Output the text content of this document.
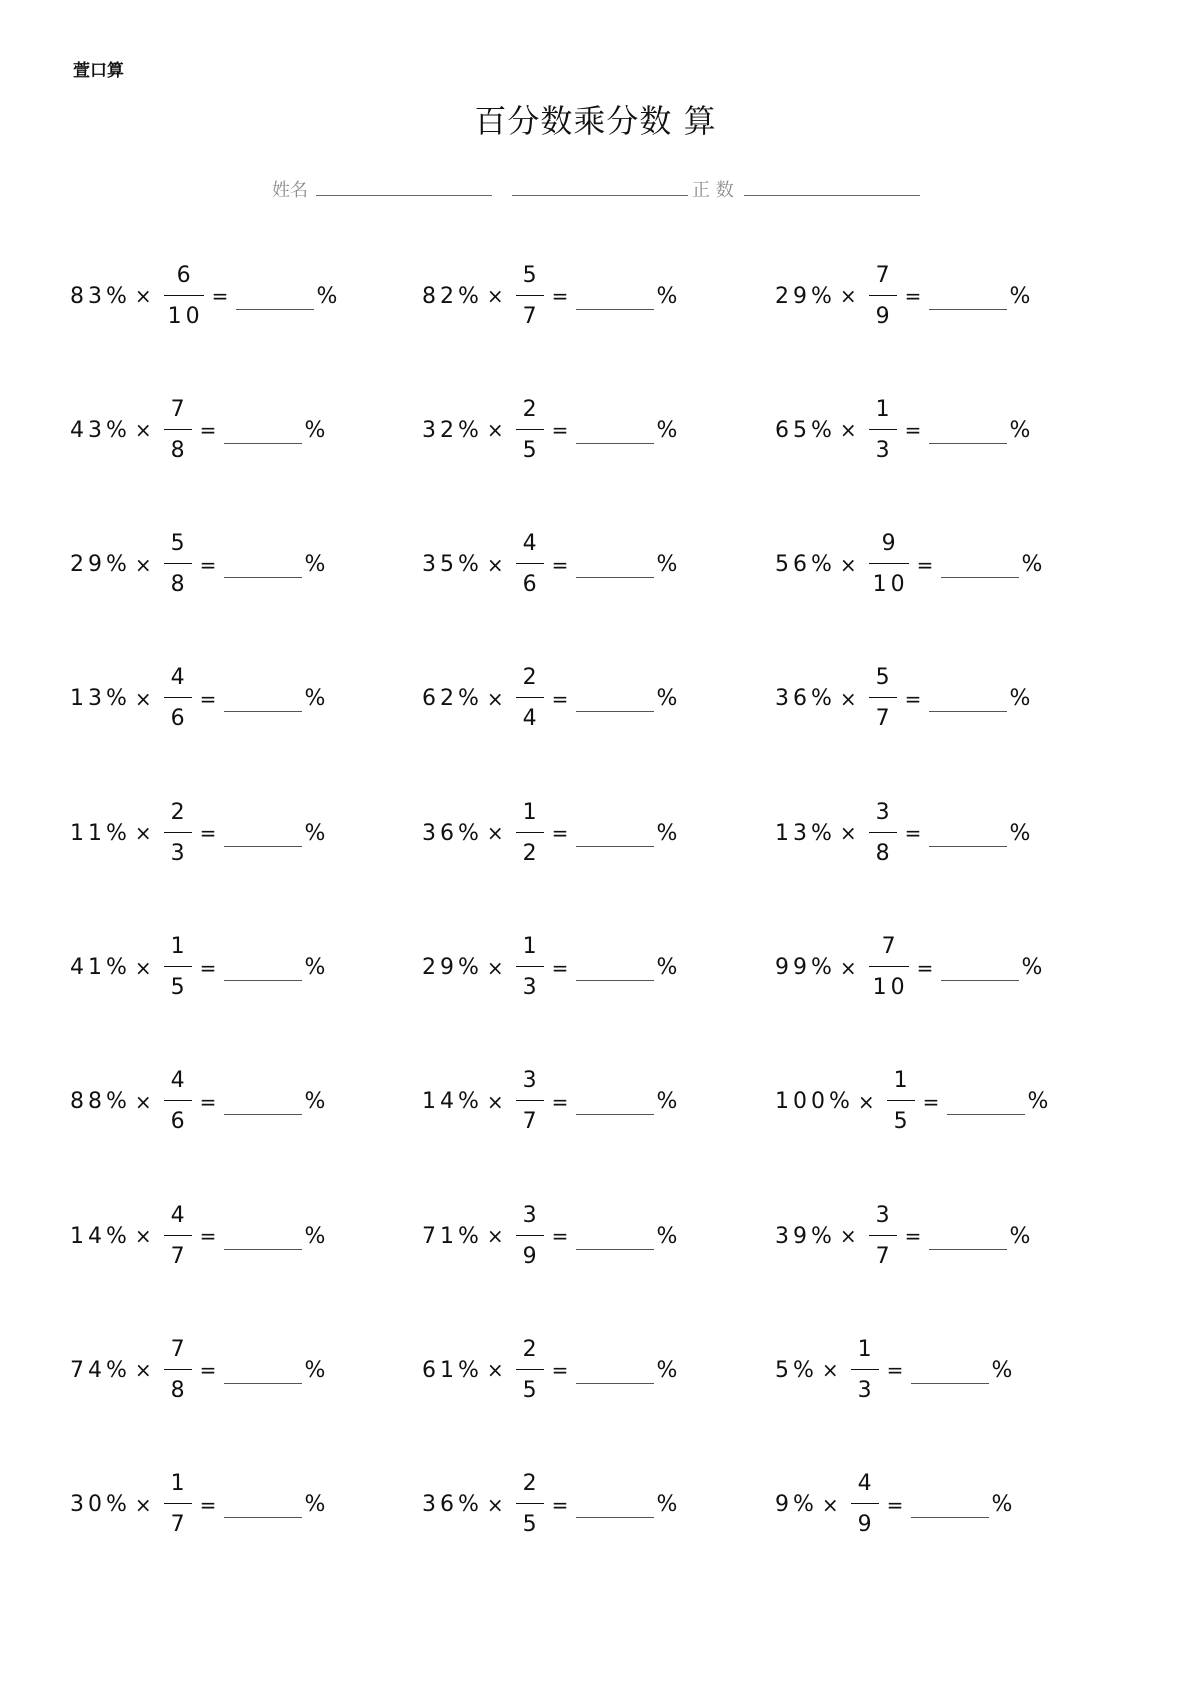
萱口算
百分数乘分数 算
姓名	正 数
$83\% \times \frac{6}{10}$ =	%	$82\% \times \frac{5}{7}$ =	%	$29\% \times \frac{7}{9}$ =	%
$43\% \times \frac{7}{8}$ =	%	$32\% \times \frac{2}{5}$ =	%	$65\% \times \frac{1}{3}$ =	%
$29\% \times \frac{5}{8}$ =	%	$35\% \times \frac{4}{6}$ =	%	$56\% \times \frac{9}{10}$ =	%
$13\% \times \frac{4}{6}$ =	%	$62\% \times \frac{2}{4}$ =	%	$36\% \times \frac{5}{7}$ =	%
$11\% \times \frac{2}{3}$ =	%	$36\% \times \frac{1}{2}$ =	%	$13\% \times \frac{3}{8}$ =	%
$41\% \times \frac{1}{5}$ =	%	$29\% \times \frac{1}{3}$ =	%	$99\% \times \frac{7}{10}$ =	%
$88\% \times \frac{4}{6}$ =	%	$14\% \times \frac{3}{7}$ =	%	$100\% \times \frac{1}{5}$ =	%
$14\% \times \frac{4}{7}$ =	%	$71\% \times \frac{3}{9}$ =	%	$39\% \times \frac{3}{7}$ =	%
$74\% \times \frac{7}{8}$ =	%	$61\% \times \frac{2}{5}$ =	%	$5\% \times \frac{1}{3}$ =	%
$30\% \times \frac{1}{7}$ =	%	$36\% \times \frac{2}{5}$ =	%	$9\% \times \frac{4}{9}$ =	%
